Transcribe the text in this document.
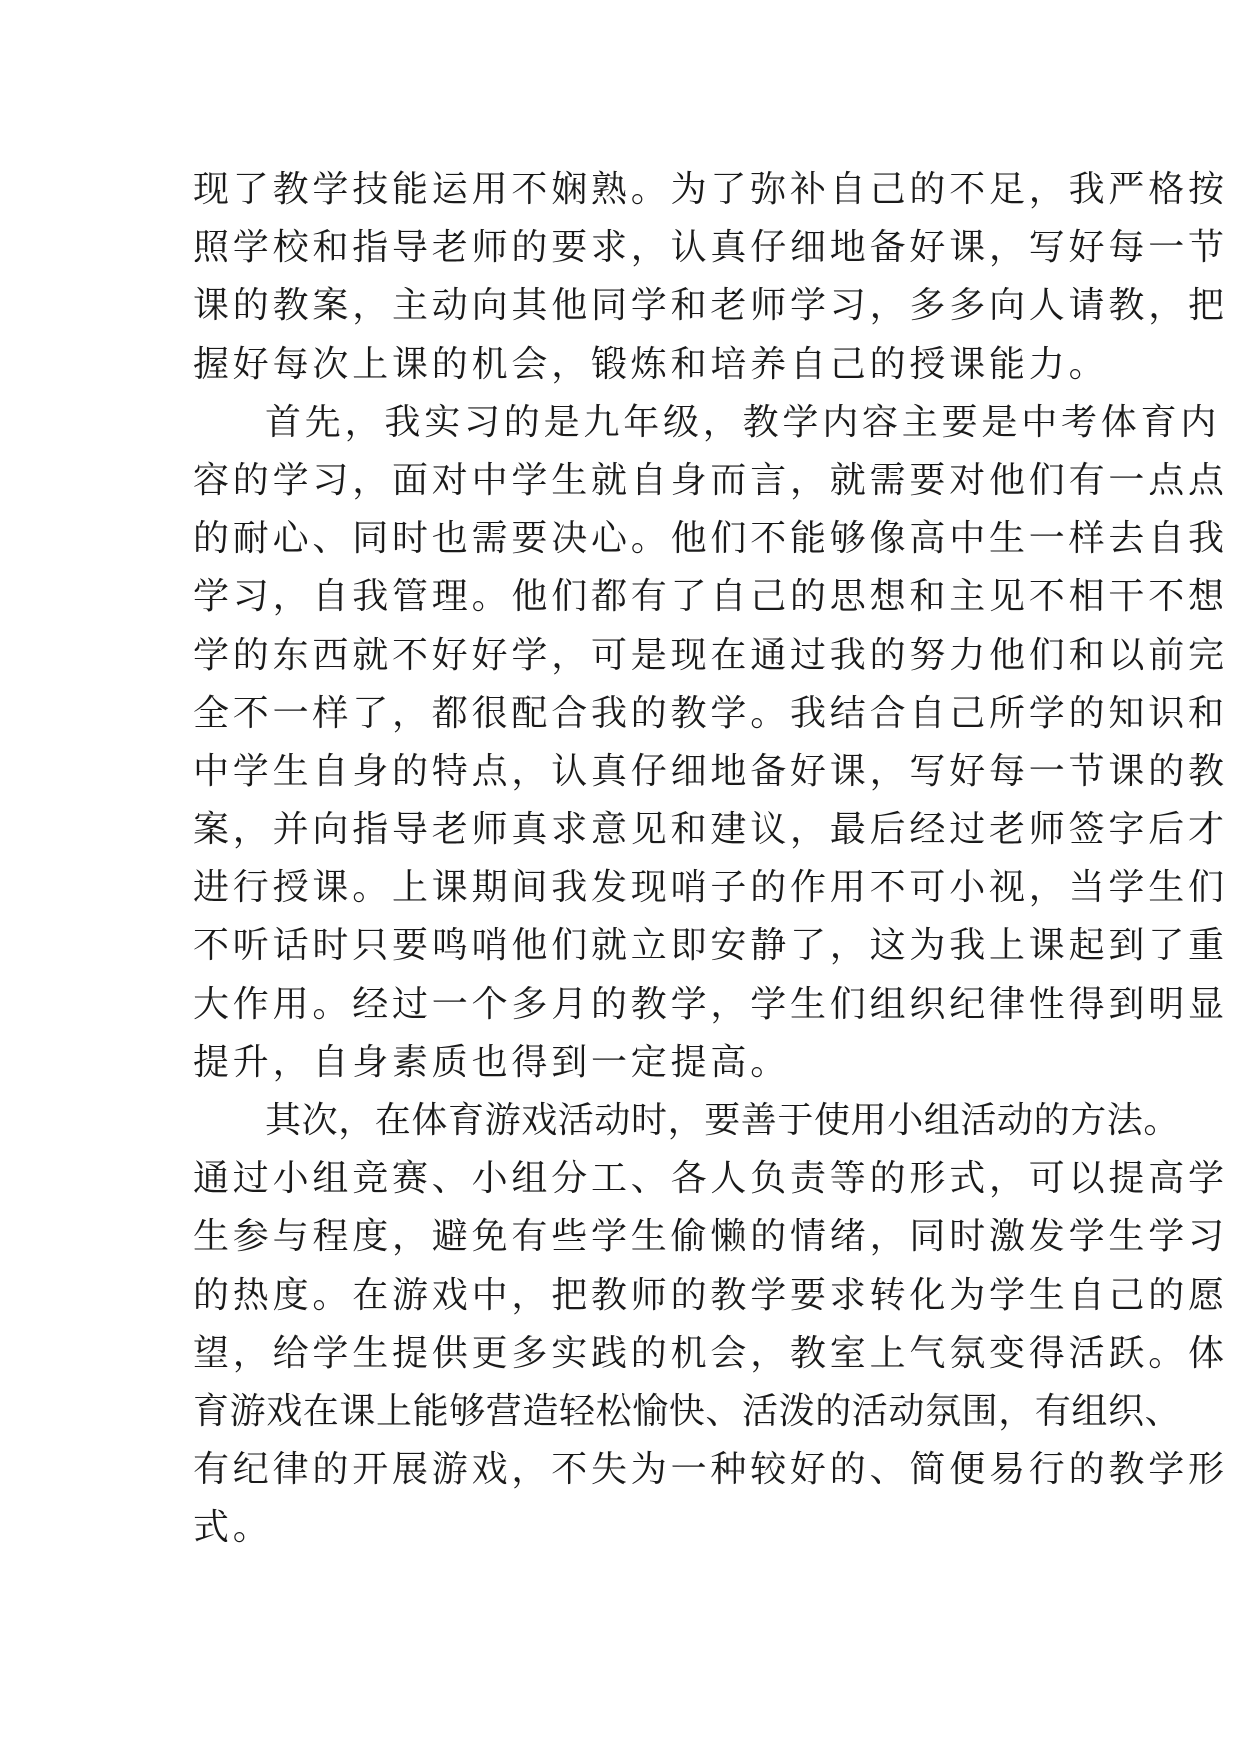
现了教学技能运用不娴熟。为了弥补自己的不足，我严格按
照学校和指导老师的要求，认真仔细地备好课，写好每一节
课的教案，主动向其他同学和老师学习，多多向人请教，把
握好每次上课的机会，锻炼和培养自己的授课能力。
首先，我实习的是九年级，教学内容主要是中考体育内
容的学习，面对中学生就自身而言，就需要对他们有一点点
的耐心、同时也需要决心。他们不能够像高中生一样去自我
学习，自我管理。他们都有了自己的思想和主见不相干不想
学的东西就不好好学，可是现在通过我的努力他们和以前完
全不一样了，都很配合我的教学。我结合自己所学的知识和
中学生自身的特点，认真仔细地备好课，写好每一节课的教
案，并向指导老师真求意见和建议，最后经过老师签字后才
进行授课。上课期间我发现哨子的作用不可小视，当学生们
不听话时只要鸣哨他们就立即安静了，这为我上课起到了重
大作用。经过一个多月的教学，学生们组织纪律性得到明显
提升，自身素质也得到一定提高。
其次，在体育游戏活动时，要善于使用小组活动的方法。
通过小组竞赛、小组分工、各人负责等的形式，可以提高学
生参与程度，避免有些学生偷懒的情绪，同时激发学生学习
的热度。在游戏中，把教师的教学要求转化为学生自己的愿
望，给学生提供更多实践的机会，教室上气氛变得活跃。体
育游戏在课上能够营造轻松愉快、活泼的活动氛围，有组织、
有纪律的开展游戏，不失为一种较好的、简便易行的教学形
式。
